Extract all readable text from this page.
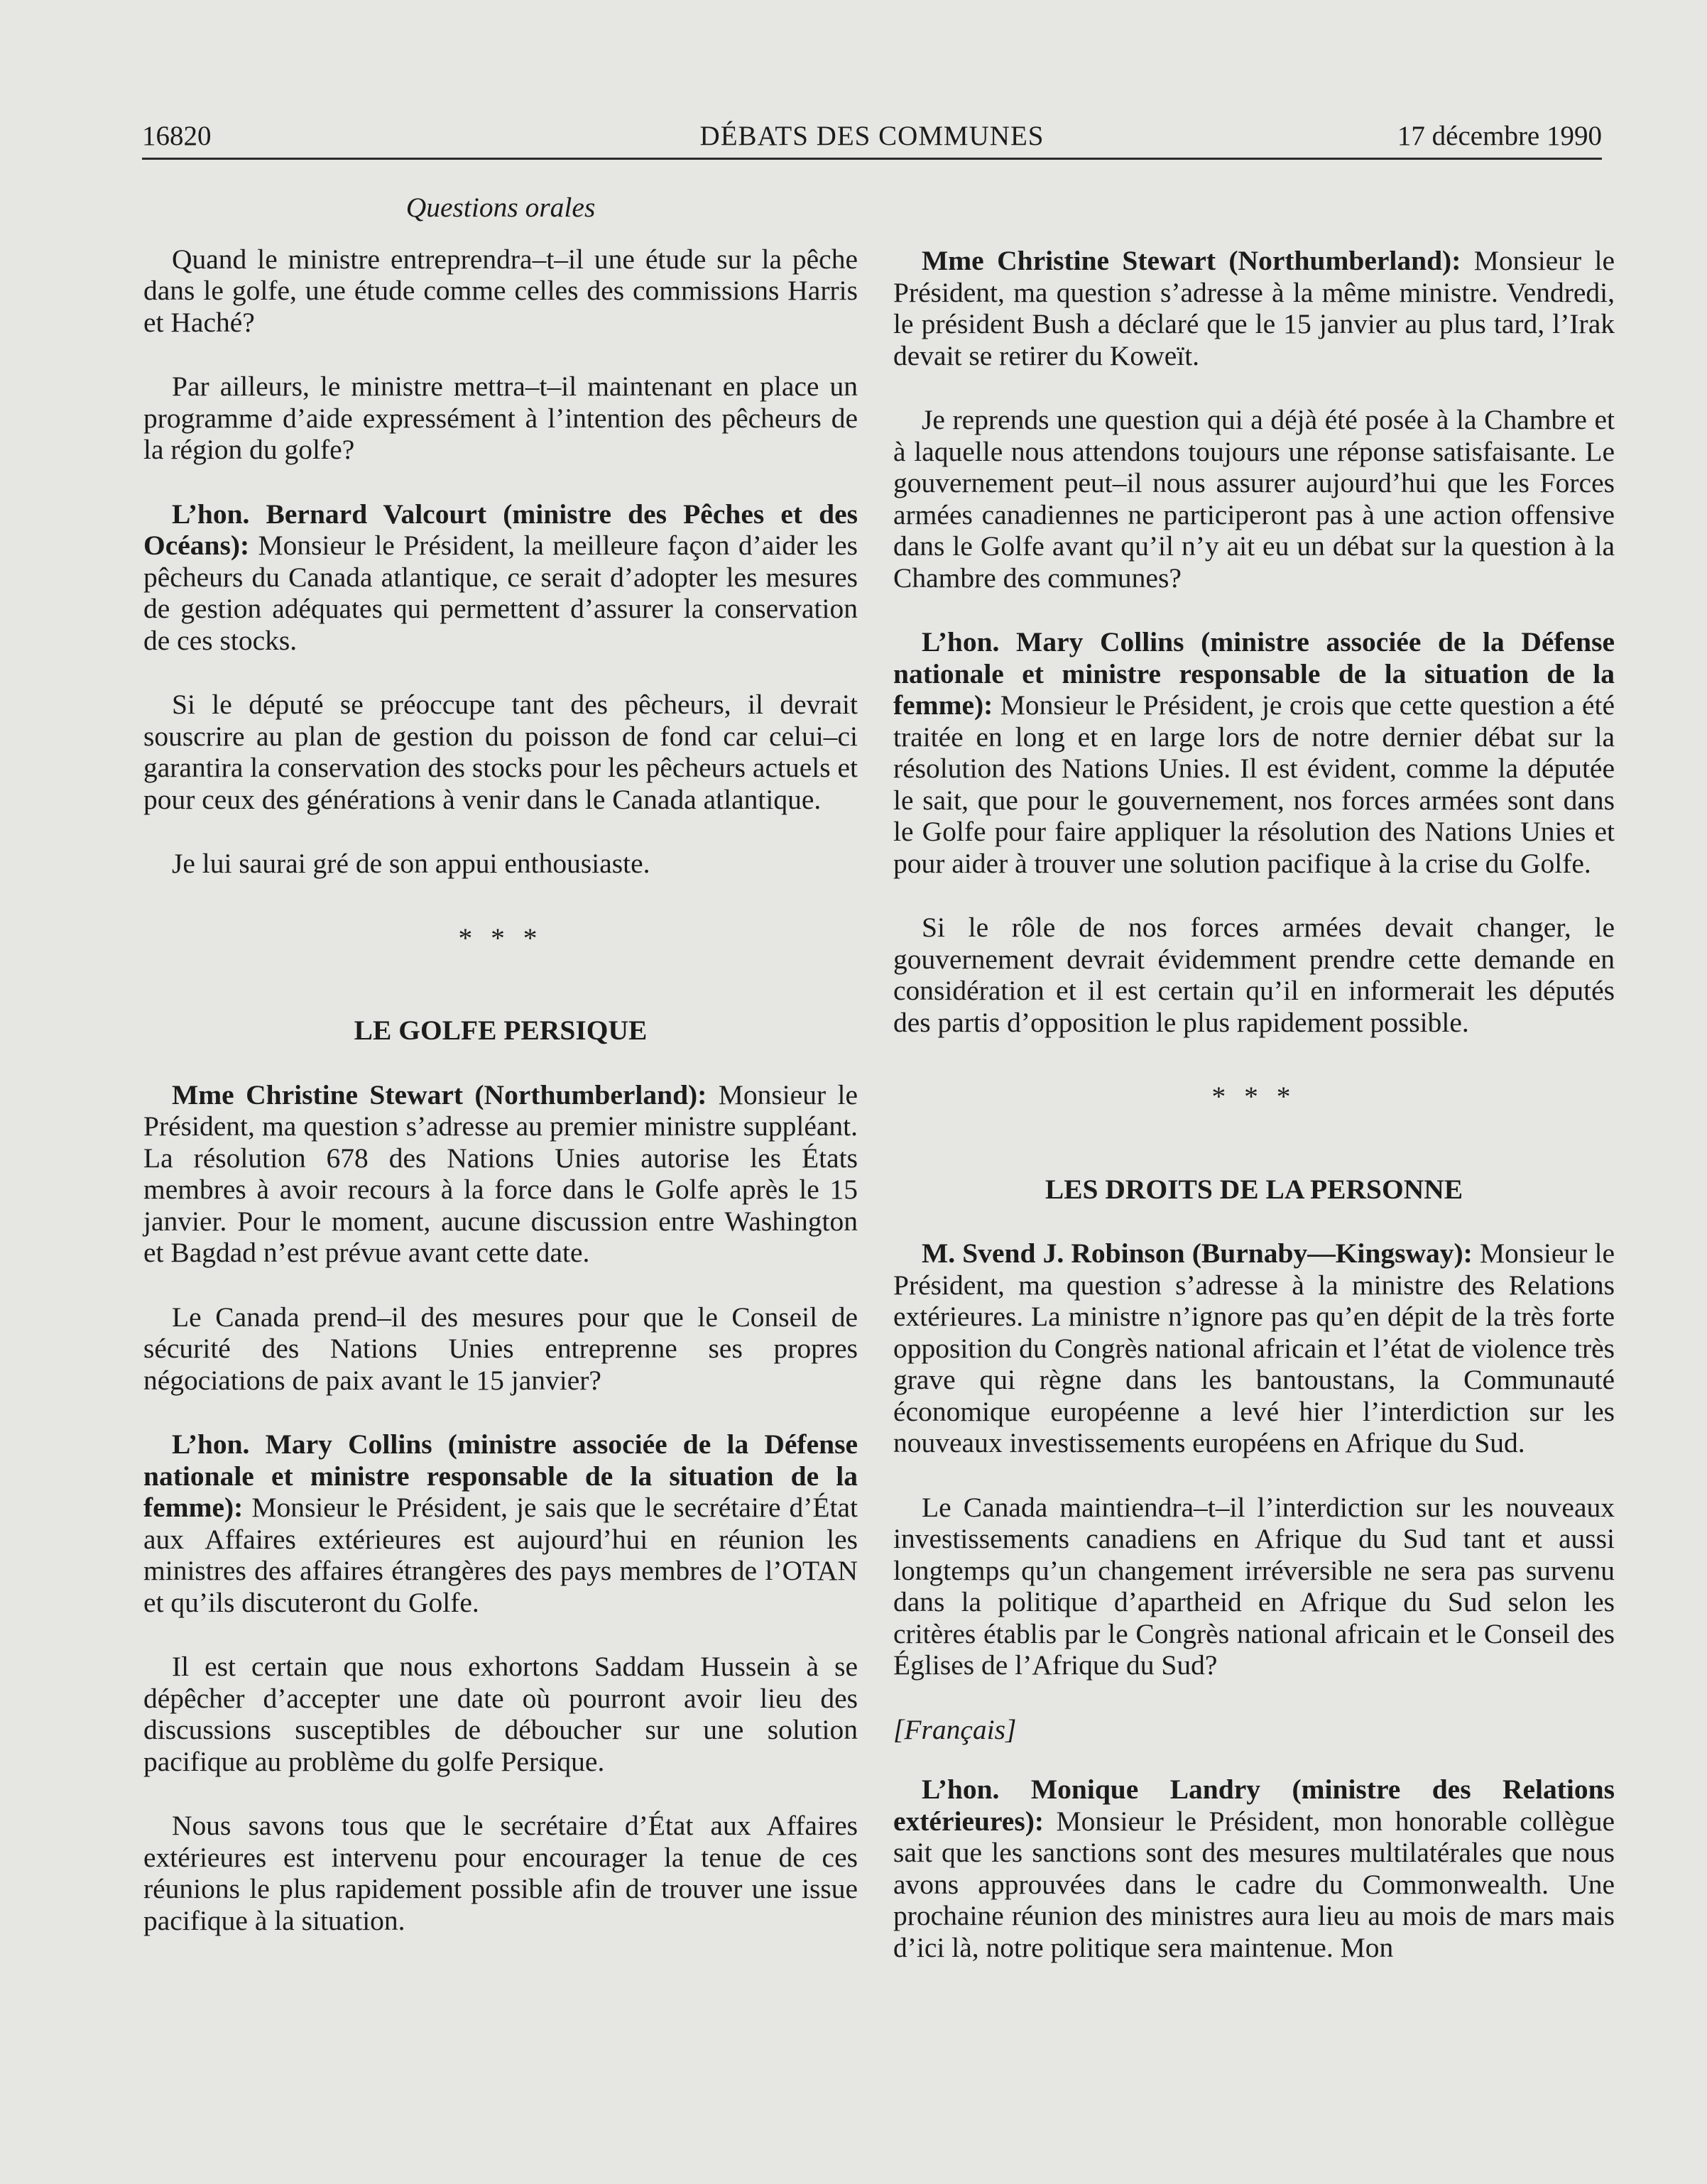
16820	DÉBATS DES COMMUNES	17 décembre 1990

Questions orales

Quand le ministre entreprendra–t–il une étude sur la pêche dans le golfe, une étude comme celles des commissions Harris et Haché?

Par ailleurs, le ministre mettra–t–il maintenant en place un programme d’aide expressément à l’intention des pêcheurs de la région du golfe?

L’hon. Bernard Valcourt (ministre des Pêches et des Océans): Monsieur le Président, la meilleure façon d’aider les pêcheurs du Canada atlantique, ce serait d’adopter les mesures de gestion adéquates qui permettent d’assurer la conservation de ces stocks.

Si le député se préoccupe tant des pêcheurs, il devrait souscrire au plan de gestion du poisson de fond car celui–ci garantira la conservation des stocks pour les pêcheurs actuels et pour ceux des générations à venir dans le Canada atlantique.

Je lui saurai gré de son appui enthousiaste.

* * *

LE GOLFE PERSIQUE

Mme Christine Stewart (Northumberland): Monsieur le Président, ma question s’adresse au premier ministre suppléant. La résolution 678 des Nations Unies autorise les États membres à avoir recours à la force dans le Golfe après le 15 janvier. Pour le moment, aucune discussion entre Washington et Bagdad n’est prévue avant cette date.

Le Canada prend–il des mesures pour que le Conseil de sécurité des Nations Unies entreprenne ses propres négociations de paix avant le 15 janvier?

L’hon. Mary Collins (ministre associée de la Défense nationale et ministre responsable de la situation de la femme): Monsieur le Président, je sais que le secrétaire d’État aux Affaires extérieures est aujourd’hui en réunion les ministres des affaires étrangères des pays membres de l’OTAN et qu’ils discuteront du Golfe.

Il est certain que nous exhortons Saddam Hussein à se dépêcher d’accepter une date où pourront avoir lieu des discussions susceptibles de déboucher sur une solution pacifique au problème du golfe Persique.

Nous savons tous que le secrétaire d’État aux Affaires extérieures est intervenu pour encourager la tenue de ces réunions le plus rapidement possible afin de trouver une issue pacifique à la situation.

Mme Christine Stewart (Northumberland): Monsieur le Président, ma question s’adresse à la même ministre. Vendredi, le président Bush a déclaré que le 15 janvier au plus tard, l’Irak devait se retirer du Koweït.

Je reprends une question qui a déjà été posée à la Chambre et à laquelle nous attendons toujours une réponse satisfaisante. Le gouvernement peut–il nous assurer aujourd’hui que les Forces armées canadiennes ne participeront pas à une action offensive dans le Golfe avant qu’il n’y ait eu un débat sur la question à la Chambre des communes?

L’hon. Mary Collins (ministre associée de la Défense nationale et ministre responsable de la situation de la femme): Monsieur le Président, je crois que cette question a été traitée en long et en large lors de notre dernier débat sur la résolution des Nations Unies. Il est évident, comme la députée le sait, que pour le gouvernement, nos forces armées sont dans le Golfe pour faire appliquer la résolution des Nations Unies et pour aider à trouver une solution pacifique à la crise du Golfe.

Si le rôle de nos forces armées devait changer, le gouvernement devrait évidemment prendre cette demande en considération et il est certain qu’il en informerait les députés des partis d’opposition le plus rapidement possible.

* * *

LES DROITS DE LA PERSONNE

M. Svend J. Robinson (Burnaby—Kingsway): Monsieur le Président, ma question s’adresse à la ministre des Relations extérieures. La ministre n’ignore pas qu’en dépit de la très forte opposition du Congrès national africain et l’état de violence très grave qui règne dans les bantoustans, la Communauté économique européenne a levé hier l’interdiction sur les nouveaux investissements européens en Afrique du Sud.

Le Canada maintiendra–t–il l’interdiction sur les nouveaux investissements canadiens en Afrique du Sud tant et aussi longtemps qu’un changement irréversible ne sera pas survenu dans la politique d’apartheid en Afrique du Sud selon les critères établis par le Congrès national africain et le Conseil des Églises de l’Afrique du Sud?

[Français]

L’hon. Monique Landry (ministre des Relations extérieures): Monsieur le Président, mon honorable collègue sait que les sanctions sont des mesures multilatérales que nous avons approuvées dans le cadre du Commonwealth. Une prochaine réunion des ministres aura lieu au mois de mars mais d’ici là, notre politique sera maintenue. Mon
